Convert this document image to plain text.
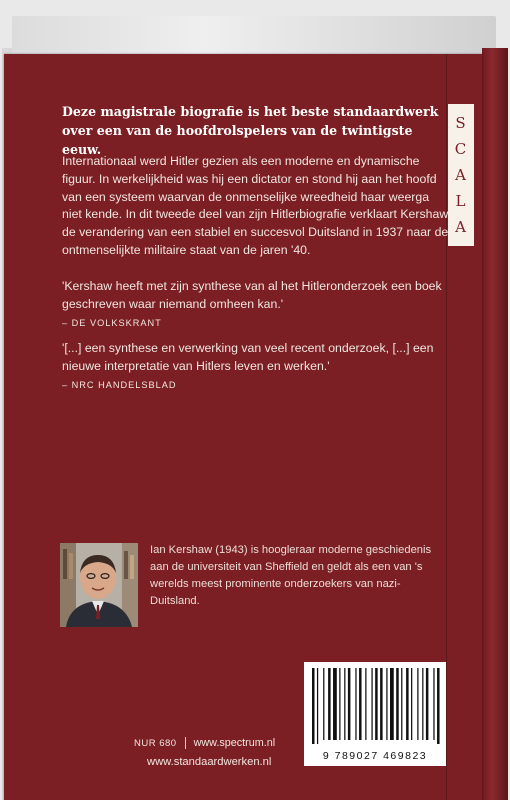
S
C
A
L
A

Deze magistrale biografie is het beste standaardwerk over een van de hoofdrolspelers van de twintigste eeuw.

Internationaal werd Hitler gezien als een moderne en dynamische figuur. In werkelijkheid was hij een dictator en stond hij aan het hoofd van een systeem waarvan de onmenselijke wreedheid haar weerga niet kende. In dit tweede deel van zijn Hitlerbiografie verklaart Kershaw de verandering van een stabiel en succesvol Duitsland in 1937 naar de ontmenselijkte militaire staat van de jaren '40.

'Kershaw heeft met zijn synthese van al het Hitleronderzoek een boek geschreven waar niemand omheen kan.'
– DE VOLKSKRANT

'[...] een synthese en verwerking van veel recent onderzoek, [...] een nieuwe interpretatie van Hitlers leven en werken.'
– NRC HANDELSBLAD

Ian Kershaw (1943) is hoogleraar moderne geschiedenis aan de universiteit van Sheffield en geldt als een van 's werelds meest prominente onderzoekers van nazi-Duitsland.

9 789027 469823
NUR 680 www.spectrum.nl
www.standaardwerken.nl
